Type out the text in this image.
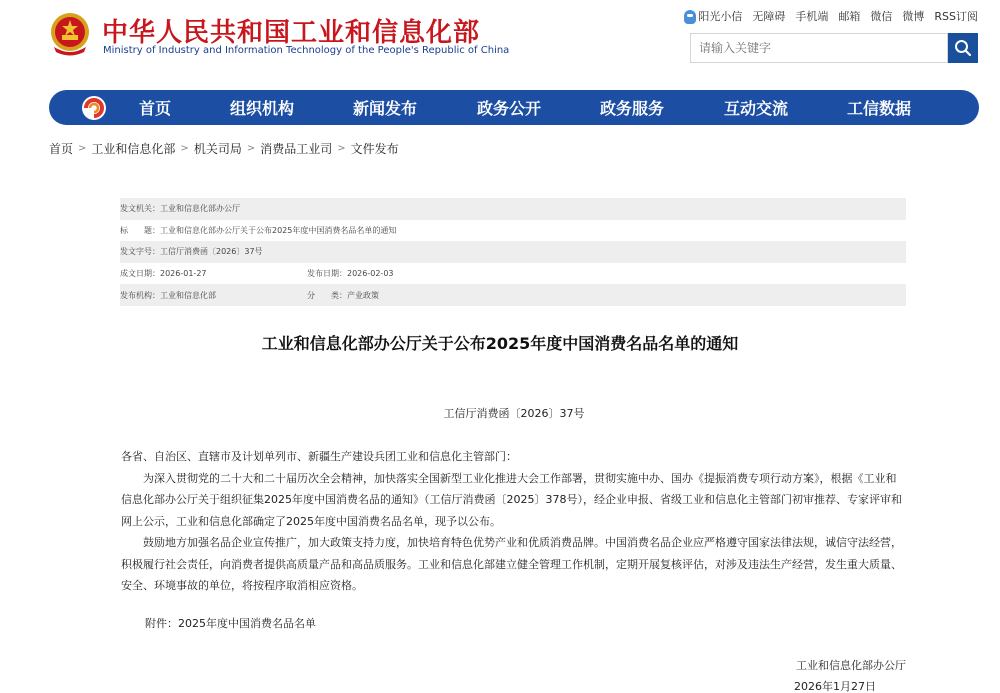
中华人民共和国工业和信息化部
Ministry of Industry and Information Technology of the People's Republic of China
阳光小信 无障碍 手机端 邮箱 微信 微博 RSS订阅
请输入关键字
首页	组织机构	新闻发布	政务公开	政务服务	互动交流	工信数据
首页 > 工业和信息化部 > 机关司局 > 消费品工业司 > 文件发布
发文机关： 工业和信息化部办公厅
标　　题： 工业和信息化部办公厅关于公布2025年度中国消费名品名单的通知
发文字号： 工信厅消费函〔2026〕37号
成文日期：2026-01-27	发布日期：2026-02-03
发布机构：工业和信息化部	分　　类：产业政策
工业和信息化部办公厅关于公布2025年度中国消费名品名单的通知
工信厅消费函〔2026〕37号

各省、自治区、直辖市及计划单列市、新疆生产建设兵团工业和信息化主管部门：

为深入贯彻党的二十大和二十届历次全会精神，加快落实全国新型工业化推进大会工作部署，贯彻实施中办、国办《提振消费专项行动方案》，根据《工业和信息化部办公厅关于组织征集2025年度中国消费名品的通知》（工信厅消费函〔2025〕378号），经企业申报、省级工业和信息化主管部门初审推荐、专家评审和网上公示，工业和信息化部确定了2025年度中国消费名品名单，现予以公布。

鼓励地方加强名品企业宣传推广，加大政策支持力度，加快培育特色优势产业和优质消费品牌。中国消费名品企业应严格遵守国家法律法规，诚信守法经营，积极履行社会责任，向消费者提供高质量产品和高品质服务。工业和信息化部建立健全管理工作机制，定期开展复核评估，对涉及违法生产经营，发生重大质量、安全、环境事故的单位，将按程序取消相应资格。

附件：2025年度中国消费名品名单
工业和信息化部办公厅
2026年1月27日
